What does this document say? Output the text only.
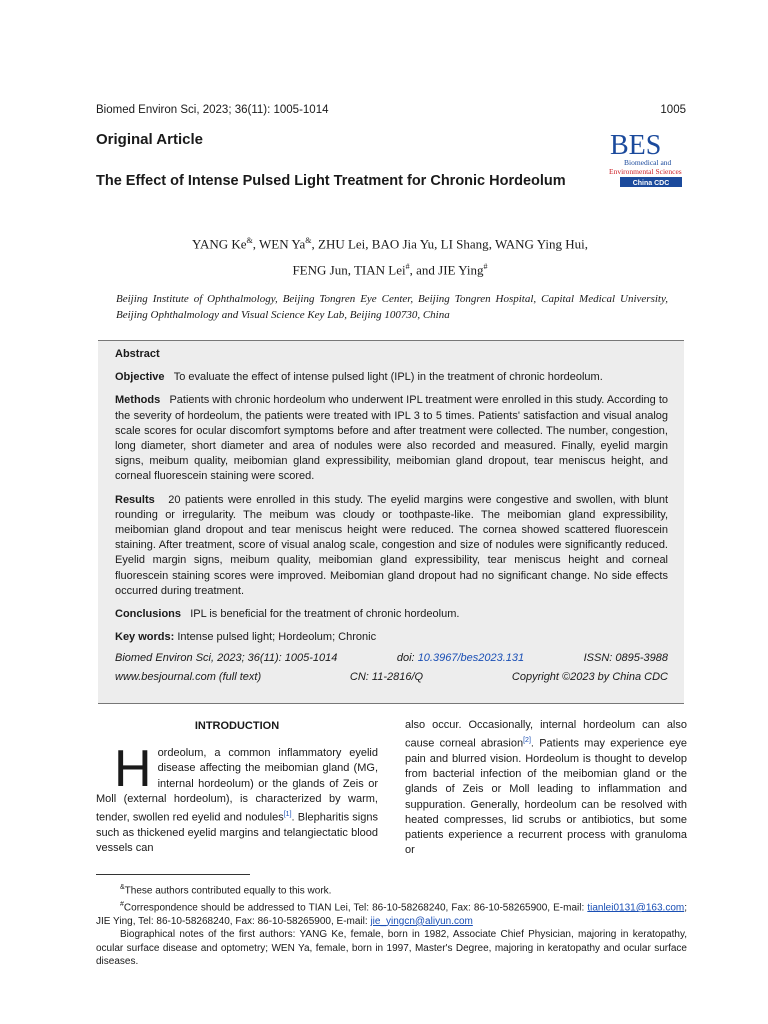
Biomed Environ Sci, 2023; 36(11): 1005-1014	1005
Original Article
The Effect of Intense Pulsed Light Treatment for Chronic Hordeolum
BES
Biomedical and
Environmental Sciences
China CDC
YANG Ke&, WEN Ya&, ZHU Lei, BAO Jia Yu, LI Shang, WANG Ying Hui,
FENG Jun, TIAN Lei#, and JIE Ying#
Beijing Institute of Ophthalmology, Beijing Tongren Eye Center, Beijing Tongren Hospital, Capital Medical University, Beijing Ophthalmology and Visual Science Key Lab, Beijing 100730, China

Abstract

Objective To evaluate the effect of intense pulsed light (IPL) in the treatment of chronic hordeolum.

Methods Patients with chronic hordeolum who underwent IPL treatment were enrolled in this study. According to the severity of hordeolum, the patients were treated with IPL 3 to 5 times. Patients' satisfaction and visual analog scale scores for ocular discomfort symptoms before and after treatment were collected. The number, congestion, long diameter, short diameter and area of nodules were also recorded and measured. Finally, eyelid margin signs, meibum quality, meibomian gland expressibility, meibomian gland dropout, tear meniscus height, and corneal fluorescein staining were scored.

Results 20 patients were enrolled in this study. The eyelid margins were congestive and swollen, with blunt rounding or irregularity. The meibum was cloudy or toothpaste-like. The meibomian gland expressibility, meibomian gland dropout and tear meniscus height were reduced. The cornea showed scattered fluorescein staining. After treatment, score of visual analog scale, congestion and size of nodules were significantly reduced. Eyelid margin signs, meibum quality, meibomian gland expressibility, tear meniscus height and corneal fluorescein staining scores were improved. Meibomian gland dropout had no significant change. No side effects occurred during treatment.

Conclusions IPL is beneficial for the treatment of chronic hordeolum.

Key words: Intense pulsed light; Hordeolum; Chronic

Biomed Environ Sci, 2023; 36(11): 1005-1014	doi: 10.3967/bes2023.131	ISSN: 0895-3988
www.besjournal.com (full text)	CN: 11-2816/Q	Copyright ©2023 by China CDC
INTRODUCTION

Hordeolum, a common inflammatory eyelid disease affecting the meibomian gland (MG, internal hordeolum) or the glands of Zeis or Moll (external hordeolum), is characterized by warm, tender, swollen red eyelid and nodules[1]. Blepharitis signs such as thickened eyelid margins and telangiectatic blood vessels can

also occur. Occasionally, internal hordeolum can also cause corneal abrasion[2]. Patients may experience eye pain and blurred vision. Hordeolum is thought to develop from bacterial infection of the meibomian gland or the glands of Zeis or Moll leading to inflammation and suppuration. Generally, hordeolum can be resolved with heated compresses, lid scrubs or antibiotics, but some patients experience a recurrent process with granuloma or

&These authors contributed equally to this work.

#Correspondence should be addressed to TIAN Lei, Tel: 86-10-58268240, Fax: 86-10-58265900, E-mail: tianlei0131@163.com; JIE Ying, Tel: 86-10-58268240, Fax: 86-10-58265900, E-mail: jie_yingcn@aliyun.com

Biographical notes of the first authors: YANG Ke, female, born in 1982, Associate Chief Physician, majoring in keratopathy, ocular surface disease and optometry; WEN Ya, female, born in 1997, Master's Degree, majoring in keratopathy and ocular surface diseases.
